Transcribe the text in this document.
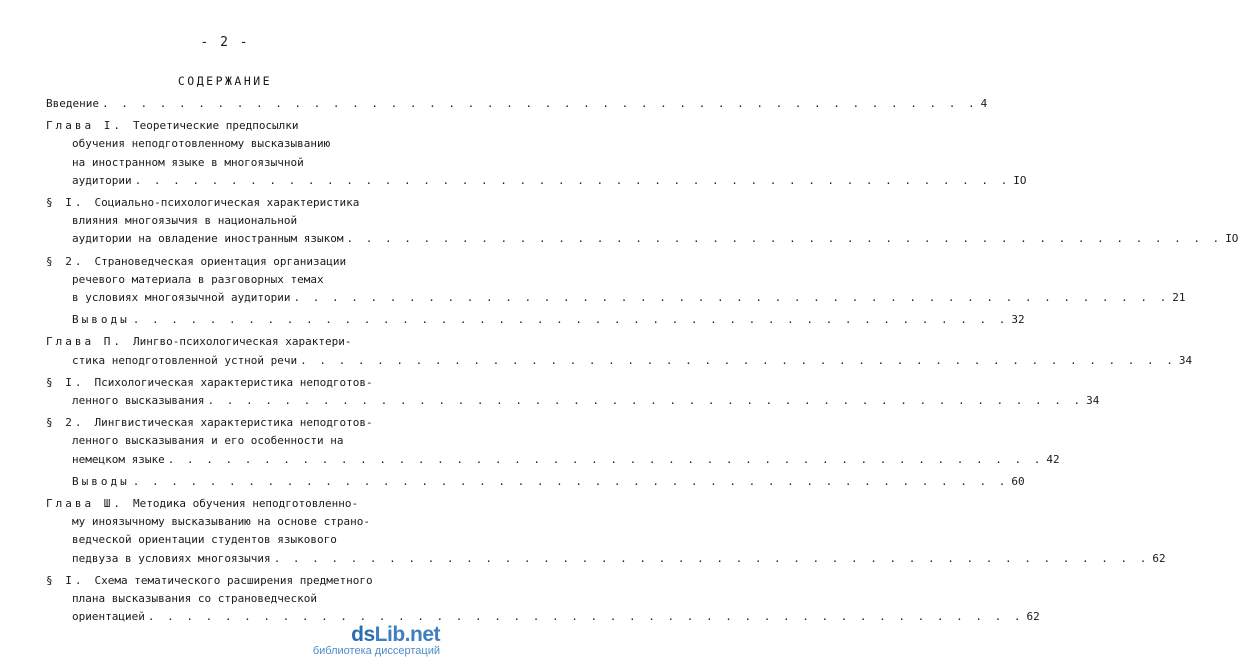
- 2 -
СОДЕРЖАНИЕ
Введение . . . . . . . . . . . . . . . . . . . . . . . . . . . . . . . . . . . . . . . . . . . . . . 4
Глава I. Теоретические предпосылки
обучения неподготовленному высказыванию
на иностранном языке в многоязычной
аудитории . . . . . . . . . . . . . . . . . . . . . . . . . . . . . . . . . . . . . . . . . . . . . . IO
§ I. Социально-психологическая характеристика
влияния многоязычия в национальной
аудитории на овладение иностранным языком . . . . . . . . . . . . . . . . . . . . . . . . . . . . . . . . . . . . . . . . . . . . . . IO
§ 2. Страноведческая ориентация организации
речевого материала в разговорных темах
в условиях многоязычной аудитории . . . . . . . . . . . . . . . . . . . . . . . . . . . . . . . . . . . . . . . . . . . . . . 21
Выводы . . . . . . . . . . . . . . . . . . . . . . . . . . . . . . . . . . . . . . . . . . . . . . 32
Глава П. Лингво-психологическая характери-
стика неподготовленной устной речи . . . . . . . . . . . . . . . . . . . . . . . . . . . . . . . . . . . . . . . . . . . . . . 34
§ I. Психологическая характеристика неподготов-
ленного высказывания . . . . . . . . . . . . . . . . . . . . . . . . . . . . . . . . . . . . . . . . . . . . . . 34
§ 2. Лингвистическая характеристика неподготов-
ленного высказывания и его особенности на
немецком языке . . . . . . . . . . . . . . . . . . . . . . . . . . . . . . . . . . . . . . . . . . . . . . 42
Выводы . . . . . . . . . . . . . . . . . . . . . . . . . . . . . . . . . . . . . . . . . . . . . . 60
Глава Ш. Методика обучения неподготовленно-
му иноязычному высказыванию на основе страно-
ведческой ориентации студентов языкового
педвуза в условиях многоязычия . . . . . . . . . . . . . . . . . . . . . . . . . . . . . . . . . . . . . . . . . . . . . . 62
§ I. Схема тематического расширения предметного
плана высказывания со страноведческой
ориентацией . . . . . . . . . . . . . . . . . . . . . . . . . . . . . . . . . . . . . . . . . . . . . . 62
dsLib.net
библиотека диссертаций
